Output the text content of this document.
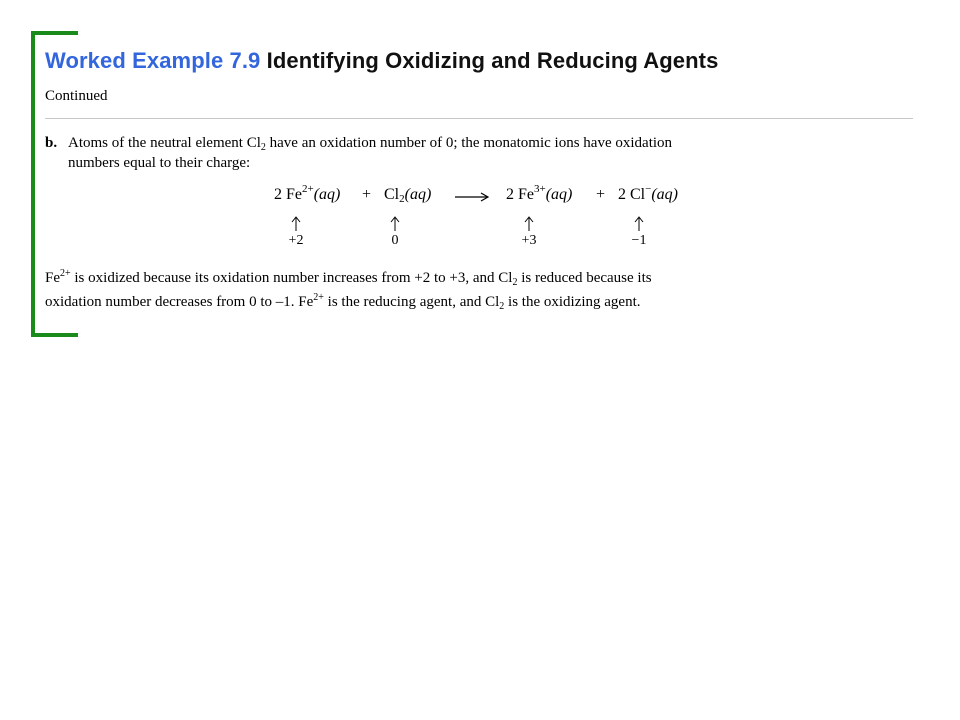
Worked Example 7.9 Identifying Oxidizing and Reducing Agents
Continued
b. Atoms of the neutral element $Cl_2$ have an oxidation number of 0; the monatomic ions have oxidation
numbers equal to their charge:
2 $Fe^{2+}(aq) + Cl_2(aq) \to 2$ $Fe^{3+}(aq) + 2$ Cl−(aq)
+2	0	+3	−1
$Fe^{2+}$ is oxidized because its oxidation number increases from +2 to +3, and $Cl_2$ is reduced because its
oxidation number decreases from 0 to –1. $Fe^{2+}$ is the reducing agent, and $Cl_2$ is the oxidizing agent.
